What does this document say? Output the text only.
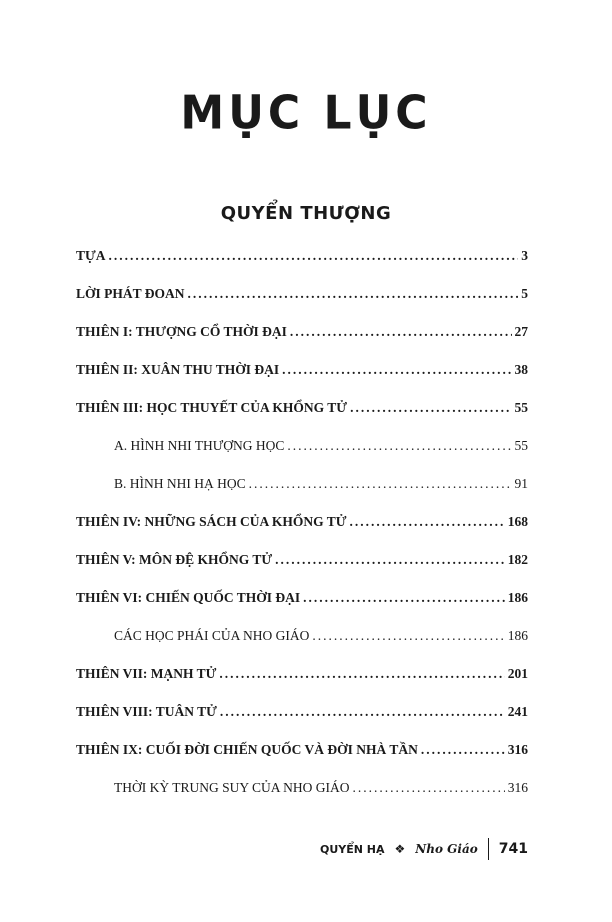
MỤC LỤC
QUYỂN THƯỢNG
TỰA .....	3
LỜI PHÁT ĐOAN .....	5
THIÊN I: THƯỢNG CỔ THỜI ĐẠI .....	27
THIÊN II: XUÂN THU THỜI ĐẠI .....	38
THIÊN III: HỌC THUYẾT CỦA KHỔNG TỬ .....	55
A. HÌNH NHI THƯỢNG HỌC .....	55
B. HÌNH NHI HẠ HỌC .....	91
THIÊN IV: NHỮNG SÁCH CỦA KHỔNG TỬ .....	168
THIÊN V: MÔN ĐỆ KHỔNG TỬ .....	182
THIÊN VI: CHIẾN QUỐC THỜI ĐẠI .....	186
CÁC HỌC PHÁI CỦA NHO GIÁO .....	186
THIÊN VII: MẠNH TỬ .....	201
THIÊN VIII: TUÂN TỬ .....	241
THIÊN IX: CUỐI ĐỜI CHIẾN QUỐC VÀ ĐỜI NHÀ TẦN .....	316
THỜI KỲ TRUNG SUY CỦA NHO GIÁO .....	316
QUYỂN HẠ ❖ Nho Giáo 741
